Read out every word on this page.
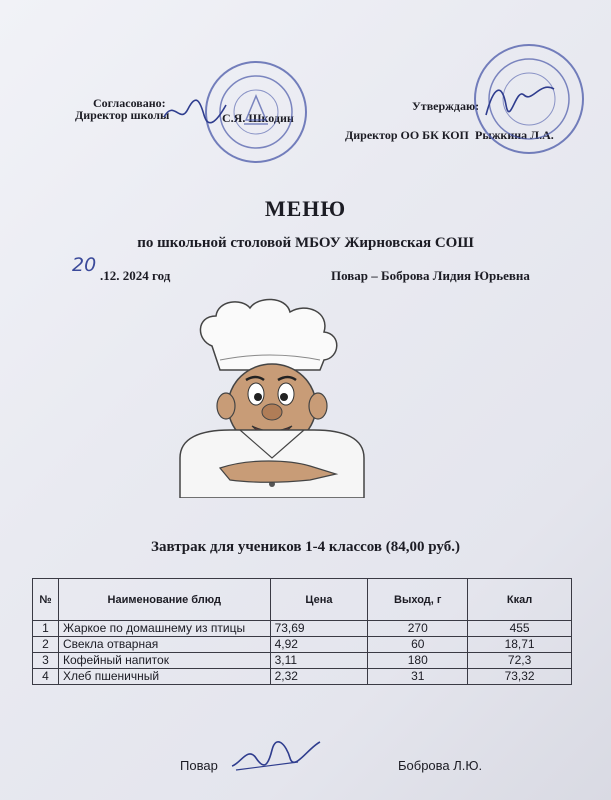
Согласовано:
Директор школы	С.Я. Шкодин
Утверждаю:
Директор ОО БК КОП Рыжкина Л.А.
МЕНЮ
по школьной столовой МБОУ Жирновская СОШ
20 .12. 2024 год	Повар – Боброва Лидия Юрьевна
Завтрак для учеников 1-4 классов (84,00 руб.)
№	Наименование блюд	Цена	Выход, г	Ккал
1	Жаркое по домашнему из птицы	73,69	270	455
2	Свекла отварная	4,92	60	18,71
3	Кофейный напиток	3,11	180	72,3
4	Хлеб пшеничный	2,32	31	73,32
Повар	Боброва Л.Ю.
